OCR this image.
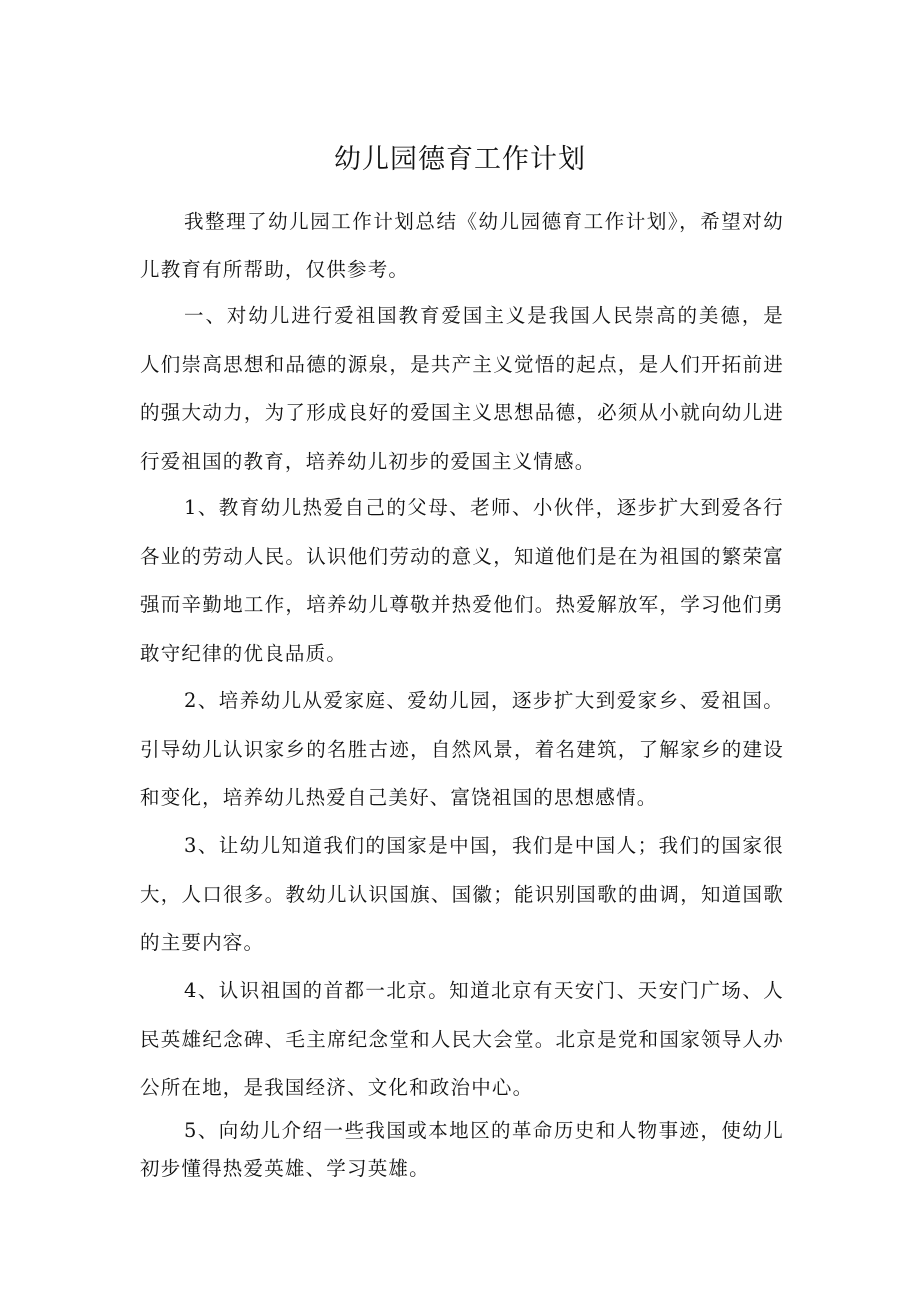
幼儿园德育工作计划

我整理了幼儿园工作计划总结《幼儿园德育工作计划》，希望对幼儿教育有所帮助，仅供参考。

一、对幼儿进行爱祖国教育爱国主义是我国人民崇高的美德，是人们崇高思想和品德的源泉，是共产主义觉悟的起点，是人们开拓前进的强大动力，为了形成良好的爱国主义思想品德，必须从小就向幼儿进行爱祖国的教育，培养幼儿初步的爱国主义情感。

1、教育幼儿热爱自己的父母、老师、小伙伴，逐步扩大到爱各行各业的劳动人民。认识他们劳动的意义，知道他们是在为祖国的繁荣富强而辛勤地工作，培养幼儿尊敬并热爱他们。热爱解放军，学习他们勇敢守纪律的优良品质。

2、培养幼儿从爱家庭、爱幼儿园，逐步扩大到爱家乡、爱祖国。引导幼儿认识家乡的名胜古迹，自然风景，着名建筑，了解家乡的建设和变化，培养幼儿热爱自己美好、富饶祖国的思想感情。

3、让幼儿知道我们的国家是中国，我们是中国人；我们的国家很大，人口很多。教幼儿认识国旗、国徽；能识别国歌的曲调，知道国歌的主要内容。

4、认识祖国的首都一北京。知道北京有天安门、天安门广场、人民英雄纪念碑、毛主席纪念堂和人民大会堂。北京是党和国家领导人办公所在地，是我国经济、文化和政治中心。

5、向幼儿介绍一些我国或本地区的革命历史和人物事迹，使幼儿初步懂得热爱英雄、学习英雄。
